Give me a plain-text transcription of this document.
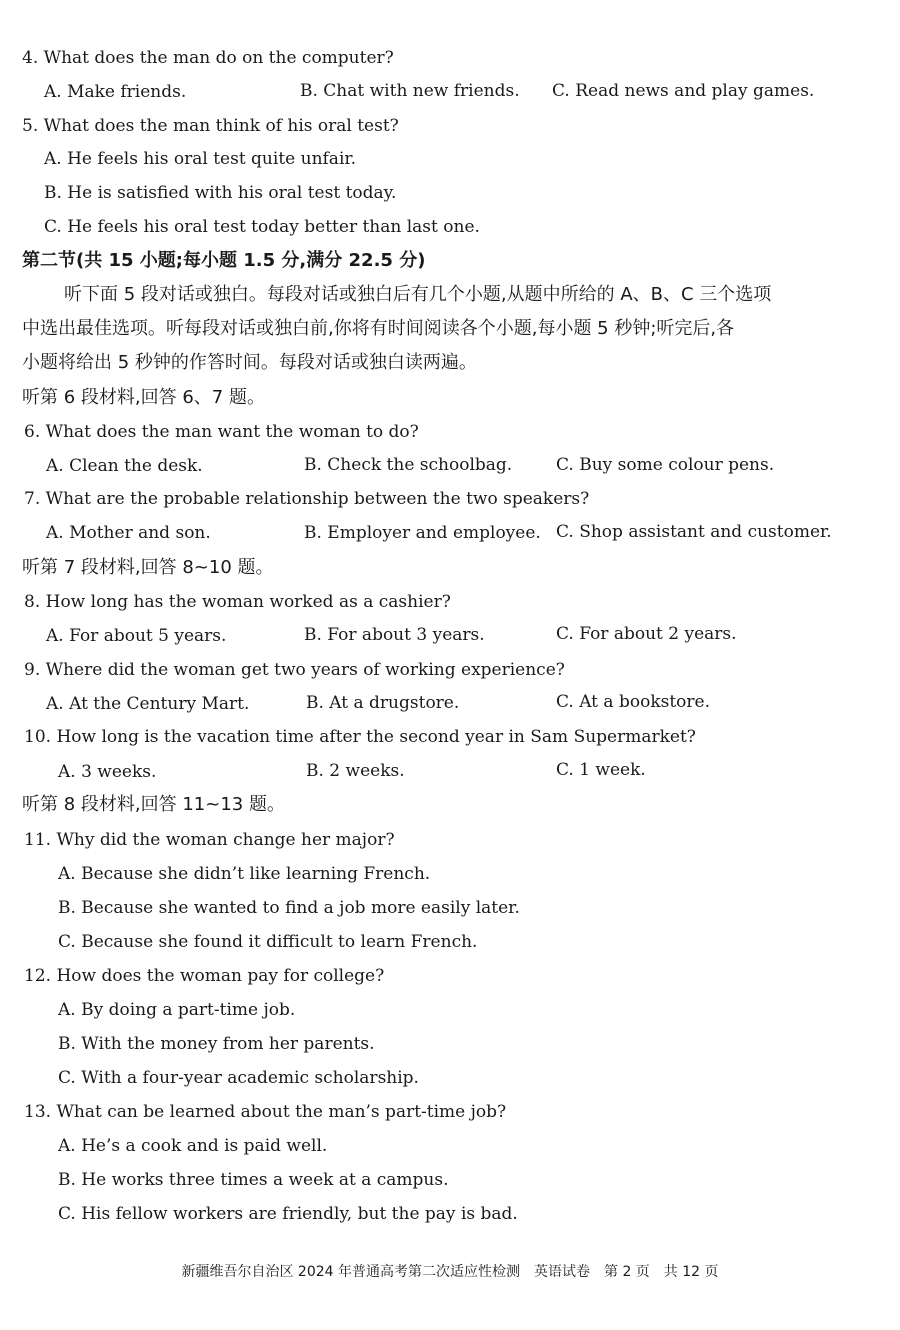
4. What does the man do on the computer?
A. Make friends.	B. Chat with new friends. C. Read news and play games.
5. What does the man think of his oral test?
A. He feels his oral test quite unfair.
B. He is satisfied with his oral test today.
C. He feels his oral test today better than last one.
第二节(共 15 小题;每小题 1.5 分,满分 22.5 分)
听下面 5 段对话或独白。每段对话或独白后有几个小题,从题中所给的 A、B、C 三个选项
中选出最佳选项。听每段对话或独白前,你将有时间阅读各个小题,每小题 5 秒钟;听完后,各
小题将给出 5 秒钟的作答时间。每段对话或独白读两遍。
听第 6 段材料,回答 6、7 题。
6. What does the man want the woman to do?
A. Clean the desk.	B. Check the schoolbag.	C. Buy some colour pens.
7. What are the probable relationship between the two speakers?
A. Mother and son.	B. Employer and employee. C. Shop assistant and customer.
听第 7 段材料,回答 8~10 题。
8. How long has the woman worked as a cashier?
A. For about 5 years.	B. For about 3 years.	C. For about 2 years.
9. Where did the woman get two years of working experience?
A. At the Century Mart.	B. At a drugstore.	C. At a bookstore.
10. How long is the vacation time after the second year in Sam Supermarket?
A. 3 weeks.	B. 2 weeks.	C. 1 week.
听第 8 段材料,回答 11~13 题。
11. Why did the woman change her major?
A. Because she didn’t like learning French.
B. Because she wanted to find a job more easily later.
C. Because she found it difficult to learn French.
12. How does the woman pay for college?
A. By doing a part-time job.
B. With the money from her parents.
C. With a four-year academic scholarship.
13. What can be learned about the man’s part-time job?
A. He’s a cook and is paid well.
B. He works three times a week at a campus.
C. His fellow workers are friendly, but the pay is bad.
新疆维吾尔自治区 2024 年普通高考第二次适应性检测　英语试卷　第 2 页　共 12 页
